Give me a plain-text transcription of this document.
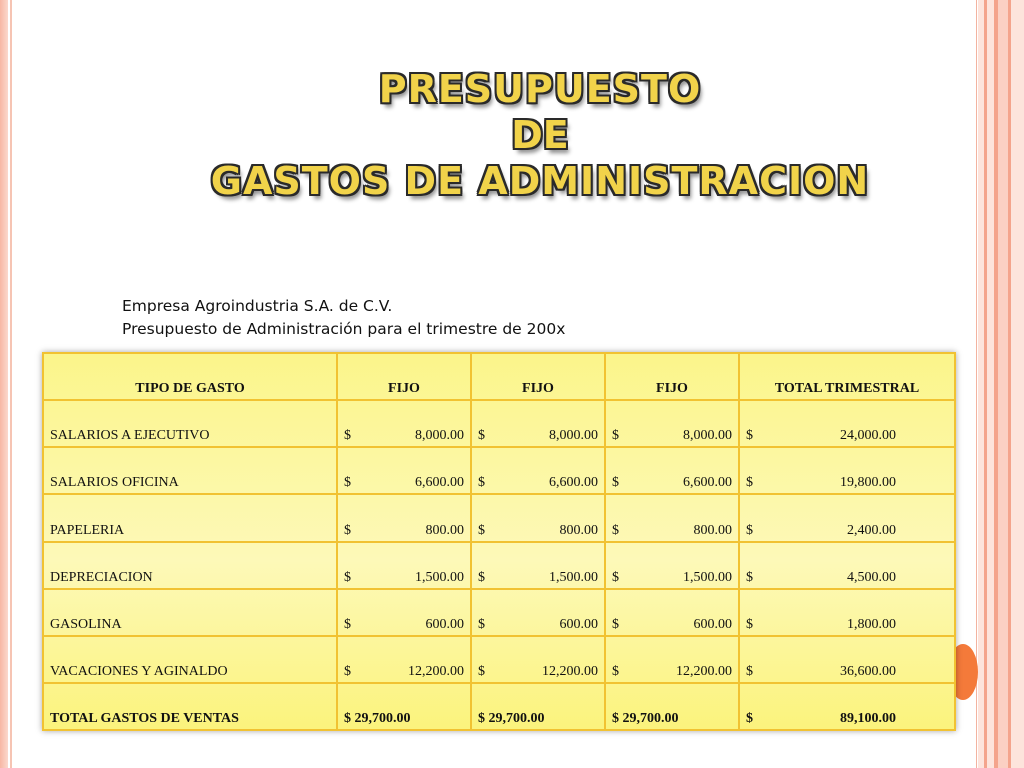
PRESUPUESTO
DE
GASTOS DE ADMINISTRACION
Empresa Agroindustria S.A. de C.V.
Presupuesto de Administración para el trimestre de 200x
TIPO DE GASTO	FIJO	FIJO	FIJO	TOTAL TRIMESTRAL
SALARIOS A EJECUTIVO	$ 8,000.00	$ 8,000.00	$ 8,000.00	$ 24,000.00

SALARIOS OFICINA	$ 6,600.00	$ 6,600.00	$ 6,600.00	$ 19,800.00

PAPELERIA	$ 800.00	$ 800.00	$ 800.00	$ 2,400.00

DEPRECIACION	$ 1,500.00	$ 1,500.00	$ 1,500.00	$ 4,500.00

GASOLINA	$ 600.00	$ 600.00	$ 600.00	$ 1,800.00

VACACIONES Y AGINALDO	$ 12,200.00	$ 12,200.00	$ 12,200.00	$ 36,600.00

TOTAL GASTOS DE VENTAS	$ 29,700.00	$ 29,700.00	$ 29,700.00	$ 89,100.00
